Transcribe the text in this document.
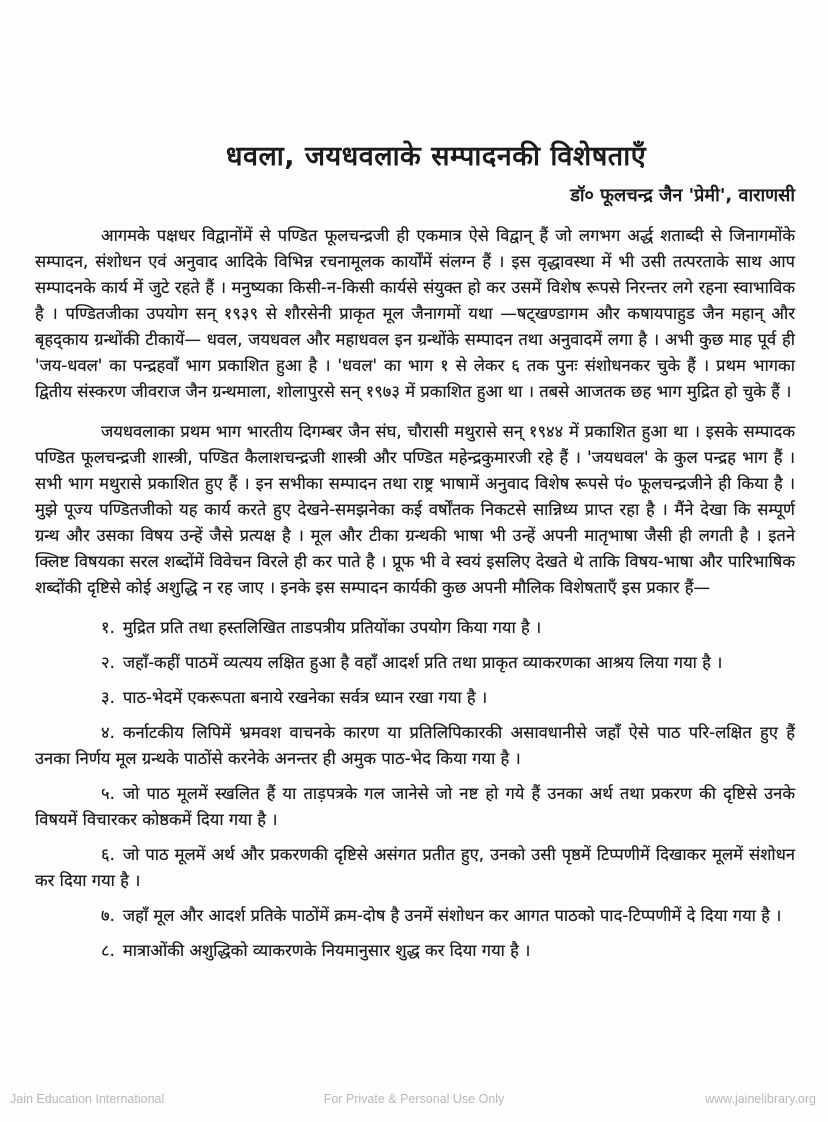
धवला, जयधवलाके सम्पादनकी विशेषताएँ
डॉ० फूलचन्द्र जैन 'प्रेमी', वाराणसी

आगमके पक्षधर विद्वानोंमें से पण्डित फूलचन्द्रजी ही एकमात्र ऐसे विद्वान् हैं जो लगभग अर्द्ध शताब्दी से जिनागमोंके सम्पादन, संशोधन एवं अनुवाद आदिके विभिन्न रचनामूलक कार्योंमें संलग्न हैं । इस वृद्धावस्था में भी उसी तत्परताके साथ आप सम्पादनके कार्य में जुटे रहते हैं । मनुष्यका किसी-न-किसी कार्यसे संयुक्त हो कर उसमें विशेष रूपसे निरन्तर लगे रहना स्वाभाविक है । पण्डितजीका उपयोग सन् १९३९ से शौरसेनी प्राकृत मूल जैनागमों यथा —षट्खण्डागम और कषायपाहुड जैन महान् और बृहद्काय ग्रन्थोंकी टीकायें— धवल, जयधवल और महाधवल इन ग्रन्थोंके सम्पादन तथा अनुवादमें लगा है । अभी कुछ माह पूर्व ही 'जय-धवल' का पन्द्रहवाँ भाग प्रकाशित हुआ है । 'धवल' का भाग १ से लेकर ६ तक पुनः संशोधनकर चुके हैं । प्रथम भागका द्वितीय संस्करण जीवराज जैन ग्रन्थमाला, शोलापुरसे सन् १९७३ में प्रकाशित हुआ था । तबसे आजतक छह भाग मुद्रित हो चुके हैं ।

जयधवलाका प्रथम भाग भारतीय दिगम्बर जैन संघ, चौरासी मथुरासे सन् १९४४ में प्रकाशित हुआ था । इसके सम्पादक पण्डित फूलचन्द्रजी शास्त्री, पण्डित कैलाशचन्द्रजी शास्त्री और पण्डित महेन्द्रकुमारजी रहे हैं । 'जयधवल' के कुल पन्द्रह भाग हैं । सभी भाग मथुरासे प्रकाशित हुए हैं । इन सभीका सम्पादन तथा राष्ट्र भाषामें अनुवाद विशेष रूपसे पं० फूलचन्द्रजीने ही किया है । मुझे पूज्य पण्डितजीको यह कार्य करते हुए देखने-समझनेका कई वर्षोंतक निकटसे सान्निध्य प्राप्त रहा है । मैंने देखा कि सम्पूर्ण ग्रन्थ और उसका विषय उन्हें जैसे प्रत्यक्ष है । मूल और टीका ग्रन्थकी भाषा भी उन्हें अपनी मातृभाषा जैसी ही लगती है । इतने क्लिष्ट विषयका सरल शब्दोंमें विवेचन विरले ही कर पाते है । प्रूफ भी वे स्वयं इसलिए देखते थे ताकि विषय-भाषा और पारिभाषिक शब्दोंकी दृष्टिसे कोई अशुद्धि न रह जाए । इनके इस सम्पादन कार्यकी कुछ अपनी मौलिक विशेषताएँ इस प्रकार हैं—

१. मुद्रित प्रति तथा हस्तलिखित ताडपत्रीय प्रतियोंका उपयोग किया गया है ।
२. जहाँ-कहीं पाठमें व्यत्यय लक्षित हुआ है वहाँ आदर्श प्रति तथा प्राकृत व्याकरणका आश्रय लिया गया है ।
३. पाठ-भेदमें एकरूपता बनाये रखनेका सर्वत्र ध्यान रखा गया है ।
४. कर्नाटकीय लिपिमें भ्रमवश वाचनके कारण या प्रतिलिपिकारकी असावधानीसे जहाँ ऐसे पाठ परि-लक्षित हुए हैं उनका निर्णय मूल ग्रन्थके पाठोंसे करनेके अनन्तर ही अमुक पाठ-भेद किया गया है ।
५. जो पाठ मूलमें स्खलित हैं या ताड़पत्रके गल जानेसे जो नष्ट हो गये हैं उनका अर्थ तथा प्रकरण की दृष्टिसे उनके विषयमें विचारकर कोष्ठकमें दिया गया है ।
६. जो पाठ मूलमें अर्थ और प्रकरणकी दृष्टिसे असंगत प्रतीत हुए, उनको उसी पृष्ठमें टिप्पणीमें दिखाकर मूलमें संशोधन कर दिया गया है ।
७. जहाँ मूल और आदर्श प्रतिके पाठोंमें क्रम-दोष है उनमें संशोधन कर आगत पाठको पाद-टिप्पणीमें दे दिया गया है ।
८. मात्राओंकी अशुद्धिको व्याकरणके नियमानुसार शुद्ध कर दिया गया है ।
Jain Education International	For Private & Personal Use Only	www.jainelibrary.org
